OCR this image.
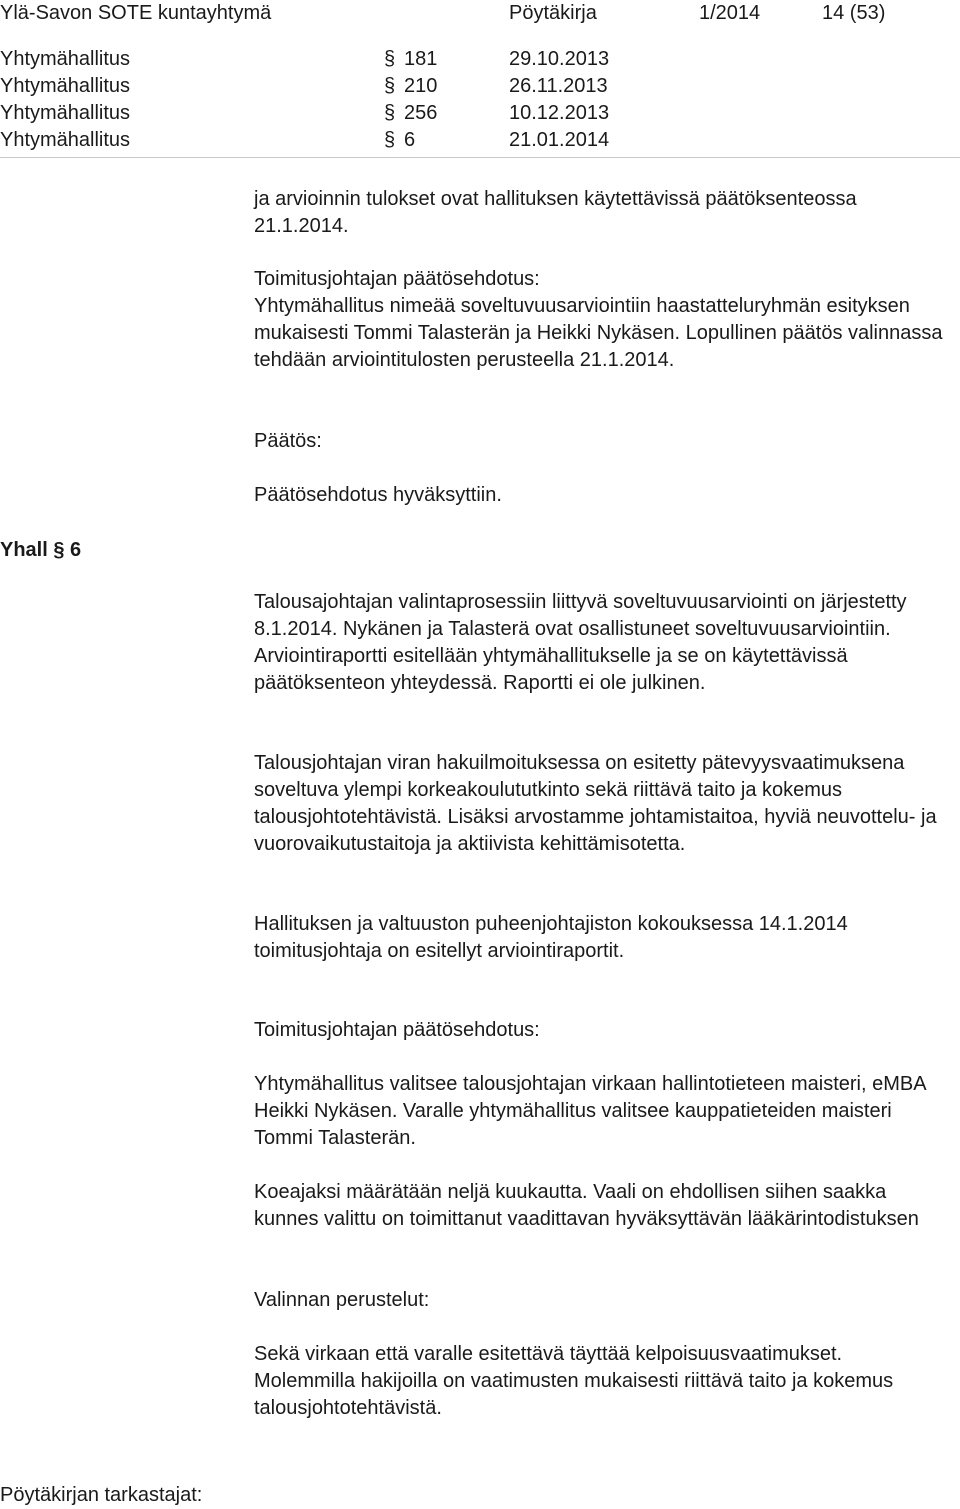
Ylä-Savon SOTE kuntayhtymä	Pöytäkirja	1/2014	14 (53)
Yhtymähallitus	§ 181	29.10.2013
Yhtymähallitus	§ 210	26.11.2013
Yhtymähallitus	§ 256	10.12.2013
Yhtymähallitus	§ 6	21.01.2014

ja arvioinnin tulokset ovat hallituksen käytettävissä päätöksenteossa 21.1.2014.

Toimitusjohtajan päätösehdotus:

Yhtymähallitus nimeää soveltuvuusarviointiin haastatteluryhmän esityksen mukaisesti Tommi Talasterän ja Heikki Nykäsen. Lopullinen päätös valinnassa tehdään arviointitulosten perusteella 21.1.2014.

Päätös:

Päätösehdotus hyväksyttiin.

Yhall § 6

Talousajohtajan valintaprosessiin liittyvä soveltuvuusarviointi on järjestetty 8.1.2014. Nykänen ja Talasterä ovat osallistuneet soveltuvuusarviointiin. Arviointiraportti esitellään yhtymähallitukselle ja se on käytettävissä päätöksenteon yhteydessä. Raportti ei ole julkinen.

Talousjohtajan viran hakuilmoituksessa on esitetty pätevyysvaatimuksena soveltuva ylempi korkeakoulututkinto sekä riittävä taito ja kokemus talousjohtotehtävistä. Lisäksi arvostamme johtamistaitoa, hyviä neuvottelu- ja vuorovaikutustaitoja ja aktiivista kehittämisotetta.

Hallituksen ja valtuuston puheenjohtajiston kokouksessa 14.1.2014 toimitusjohtaja on esitellyt arviointiraportit.

Toimitusjohtajan päätösehdotus:

Yhtymähallitus valitsee talousjohtajan virkaan hallintotieteen maisteri, eMBA Heikki Nykäsen. Varalle yhtymähallitus valitsee kauppatieteiden maisteri Tommi Talasterän.

Koeajaksi määrätään neljä kuukautta. Vaali on ehdollisen siihen saakka kunnes valittu on toimittanut vaadittavan hyväksyttävän lääkärintodistuksen

Valinnan perustelut:

Sekä virkaan että varalle esitettävä täyttää kelpoisuusvaatimukset. Molemmilla hakijoilla on vaatimusten mukaisesti riittävä taito ja kokemus talousjohtotehtävistä.

Pöytäkirjan tarkastajat:
